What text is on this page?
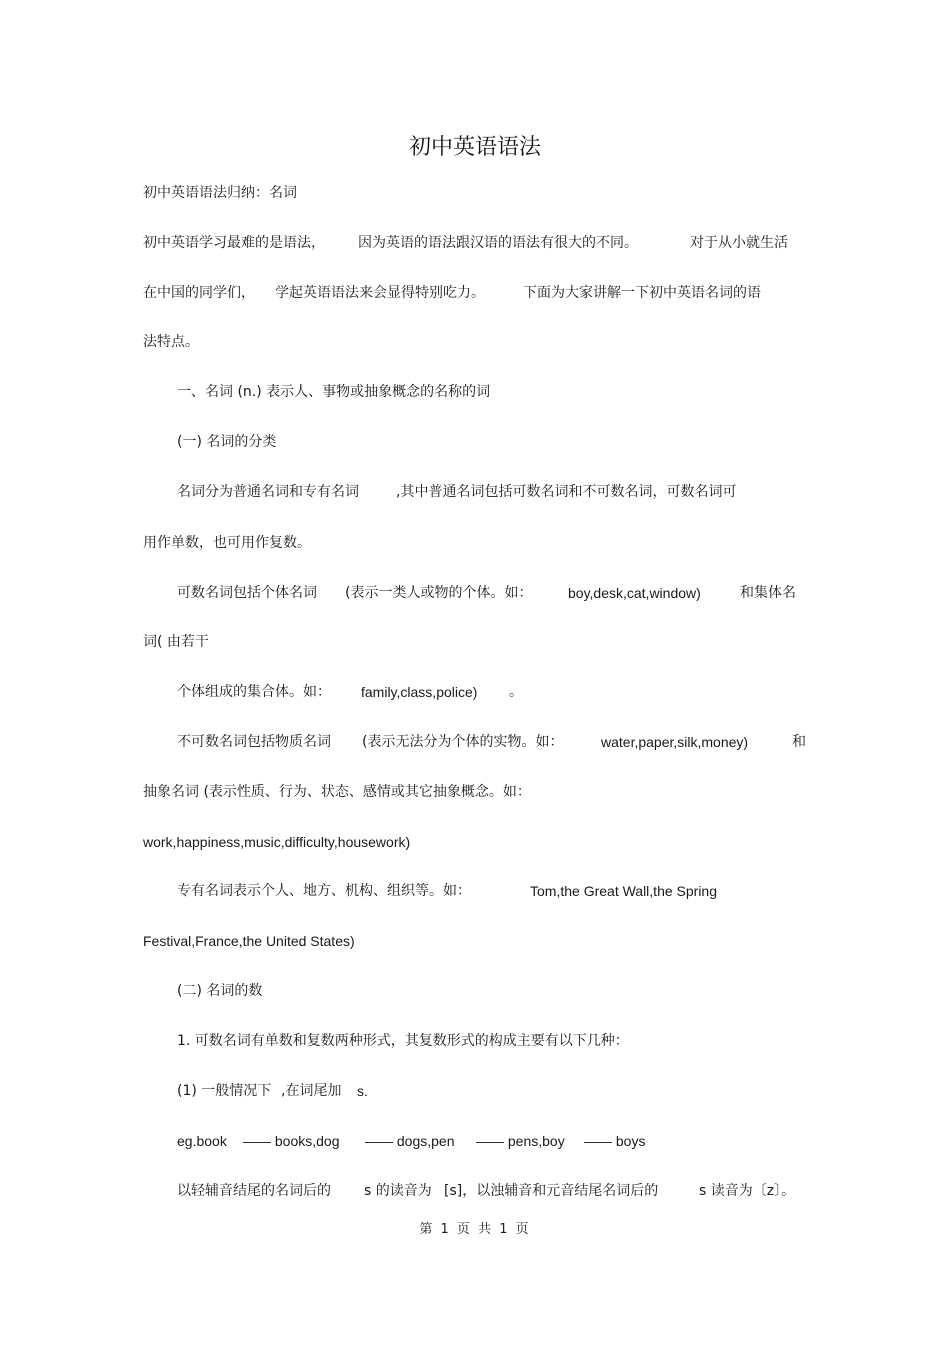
初中英语语法
初中英语语法归纳：名词
初中英语学习最难的是语法， 因为英语的语法跟汉语的语法有很大的不同。	对于从小就生活
在中国的同学们， 学起英语语法来会显得特别吃力。	下面为大家讲解一下初中英语名词的语
法特点。
一、名词 (n.) 表示人、事物或抽象概念的名称的词
(一) 名词的分类
名词分为普通名词和专有名词	,其中普通名词包括可数名词和不可数名词，可数名词可
用作单数，也可用作复数。
可数名词包括个体名词 (表示一类人或物的个体。如：	boy,desk,cat,window)	和集体名
词( 由若干
个体组成的集合体。如： family,class,police) 。
不可数名词包括物质名词 (表示无法分为个体的实物。如：	water,paper,silk,money)	和
抽象名词 (表示性质、行为、状态、感情或其它抽象概念。如：
work,happiness,music,difficulty,housework)
专有名词表示个人、地方、机构、组织等。如：	Tom,the Great Wall,the Spring
Festival,France,the United States)
(二) 名词的数
1. 可数名词有单数和复数两种形式，其复数形式的构成主要有以下几种：
(1) 一般情况下 ,在词尾加 s.
eg.book —— books,dog —— dogs,pen —— pens,boy —— boys
以轻辅音结尾的名词后的 s 的读音为 [s]，以浊辅音和元音结尾名词后的	s 读音为〔z〕。
第 1 页 共 1 页
